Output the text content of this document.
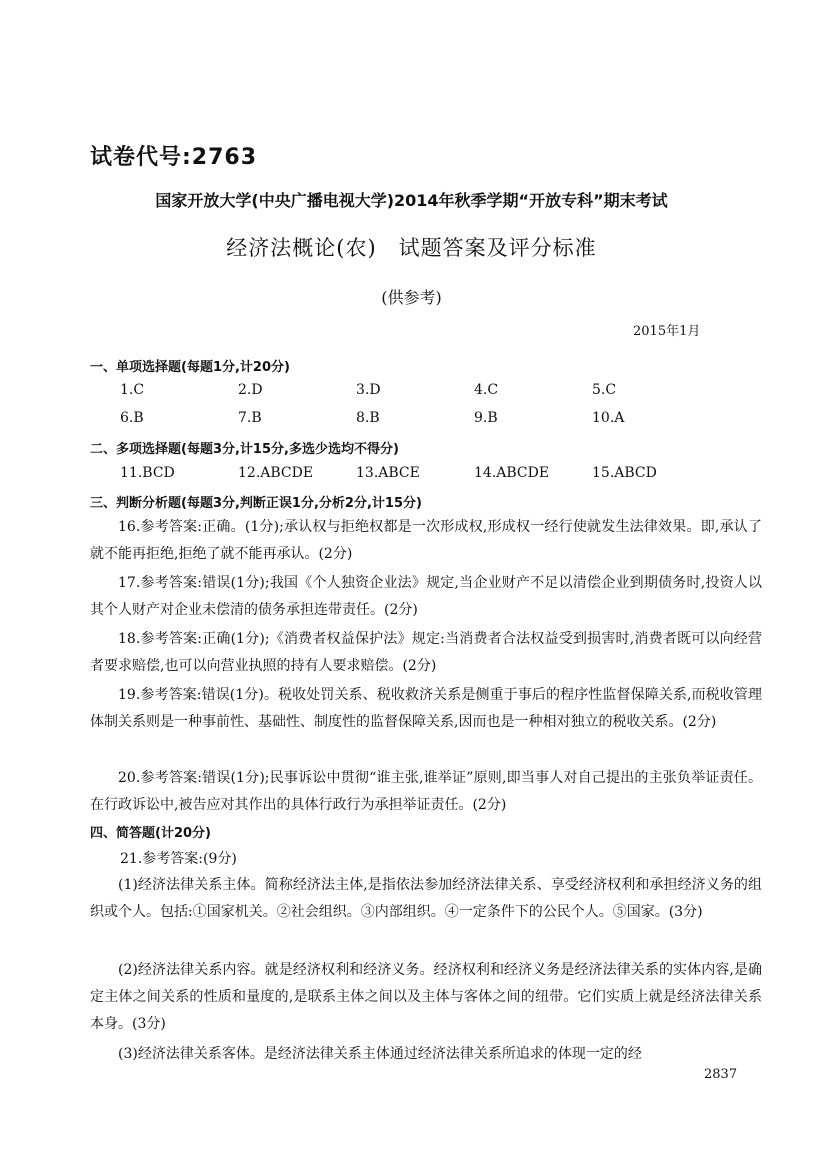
试卷代号:2763
国家开放大学(中央广播电视大学)2014年秋季学期“开放专科”期末考试
经济法概论(农)　试题答案及评分标准
(供参考)
2015年1月
一、单项选择题(每题1分,计20分)
1.C	2.D	3.D	4.C	5.C
6.B	7.B	8.B	9.B	10.A
二、多项选择题(每题3分,计15分,多选少选均不得分)
11.BCD	12.ABCDE	13.ABCE	14.ABCDE	15.ABCD
三、判断分析题(每题3分,判断正误1分,分析2分,计15分)
16.参考答案:正确。(1分);承认权与拒绝权都是一次形成权,形成权一经行使就发生法律效果。即,承认了就不能再拒绝,拒绝了就不能再承认。(2分)
17.参考答案:错误(1分);我国《个人独资企业法》规定,当企业财产不足以清偿企业到期债务时,投资人以其个人财产对企业未偿清的债务承担连带责任。(2分)
18.参考答案:正确(1分);《消费者权益保护法》规定:当消费者合法权益受到损害时,消费者既可以向经营者要求赔偿,也可以向营业执照的持有人要求赔偿。(2分)
19.参考答案:错误(1分)。税收处罚关系、税收救济关系是侧重于事后的程序性监督保障关系,而税收管理体制关系则是一种事前性、基础性、制度性的监督保障关系,因而也是一种相对独立的税收关系。(2分)
20.参考答案:错误(1分);民事诉讼中贯彻“谁主张,谁举证”原则,即当事人对自己提出的主张负举证责任。在行政诉讼中,被告应对其作出的具体行政行为承担举证责任。(2分)
四、简答题(计20分)
21.参考答案:(9分)
(1)经济法律关系主体。简称经济法主体,是指依法参加经济法律关系、享受经济权利和承担经济义务的组织或个人。包括:①国家机关。②社会组织。③内部组织。④一定条件下的公民个人。⑤国家。(3分)
(2)经济法律关系内容。就是经济权利和经济义务。经济权利和经济义务是经济法律关系的实体内容,是确定主体之间关系的性质和量度的,是联系主体之间以及主体与客体之间的纽带。它们实质上就是经济法律关系本身。(3分)
(3)经济法律关系客体。是经济法律关系主体通过经济法律关系所追求的体现一定的经
2837
